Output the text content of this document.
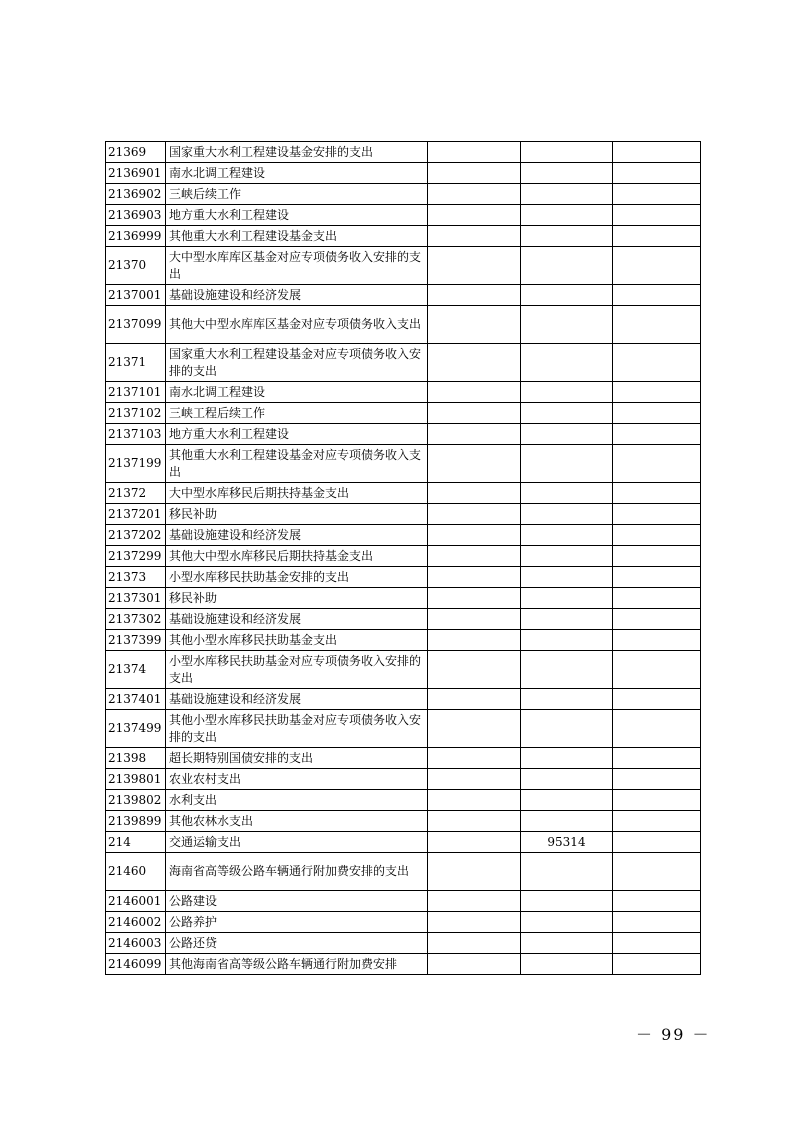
21369	国家重大水利工程建设基金安排的支出			
2136901	南水北调工程建设			
2136902	三峡后续工作			
2136903	地方重大水利工程建设			
2136999	其他重大水利工程建设基金支出			
21370	大中型水库库区基金对应专项债务收入安排的支出			
2137001	基础设施建设和经济发展			
2137099	其他大中型水库库区基金对应专项债务收入支出			
21371	国家重大水利工程建设基金对应专项债务收入安排的支出			
2137101	南水北调工程建设			
2137102	三峡工程后续工作			
2137103	地方重大水利工程建设			
2137199	其他重大水利工程建设基金对应专项债务收入支出			
21372	大中型水库移民后期扶持基金支出			
2137201	移民补助			
2137202	基础设施建设和经济发展			
2137299	其他大中型水库移民后期扶持基金支出			
21373	小型水库移民扶助基金安排的支出			
2137301	移民补助			
2137302	基础设施建设和经济发展			
2137399	其他小型水库移民扶助基金支出			
21374	小型水库移民扶助基金对应专项债务收入安排的支出			
2137401	基础设施建设和经济发展			
2137499	其他小型水库移民扶助基金对应专项债务收入安排的支出			
21398	超长期特别国债安排的支出			
2139801	农业农村支出			
2139802	水利支出			
2139899	其他农林水支出			
214	交通运输支出		95314	
21460	海南省高等级公路车辆通行附加费安排的支出			
2146001	公路建设			
2146002	公路养护			
2146003	公路还贷			
2146099	其他海南省高等级公路车辆通行附加费安排			
－ 99 －
